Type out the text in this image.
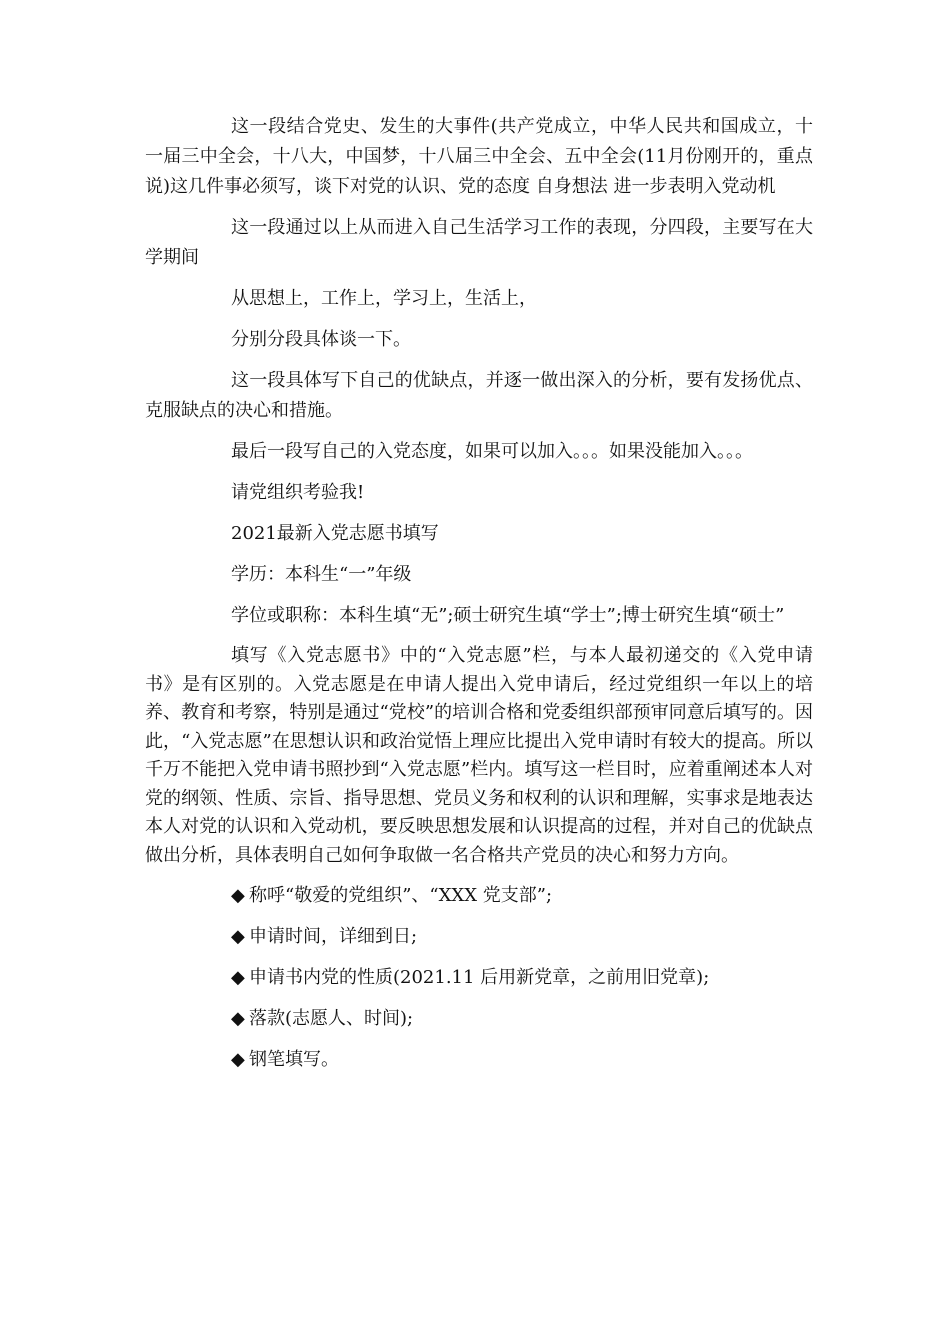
这一段结合党史、发生的大事件(共产党成立，中华人民共和国成立，十一届三中全会，十八大，中国梦，十八届三中全会、五中全会(11月份刚开的，重点说)这几件事必须写，谈下对党的认识、党的态度 自身想法 进一步表明入党动机

这一段通过以上从而进入自己生活学习工作的表现，分四段，主要写在大学期间

从思想上，工作上，学习上，生活上，

分别分段具体谈一下。

这一段具体写下自己的优缺点，并逐一做出深入的分析，要有发扬优点、克服缺点的决心和措施。

最后一段写自己的入党态度，如果可以加入。。。如果没能加入。。。

请党组织考验我!

2021最新入党志愿书填写

学历：本科生“一”年级

学位或职称：本科生填“无”;硕士研究生填“学士”;博士研究生填“硕士”

填写《入党志愿书》中的“入党志愿”栏，与本人最初递交的《入党申请书》是有区别的。入党志愿是在申请人提出入党申请后，经过党组织一年以上的培养、教育和考察，特别是通过“党校”的培训合格和党委组织部预审同意后填写的。因此，“入党志愿”在思想认识和政治觉悟上理应比提出入党申请时有较大的提高。所以千万不能把入党申请书照抄到“入党志愿”栏内。填写这一栏目时，应着重阐述本人对党的纲领、性质、宗旨、指导思想、党员义务和权利的认识和理解，实事求是地表达本人对党的认识和入党动机，要反映思想发展和认识提高的过程，并对自己的优缺点做出分析，具体表明自己如何争取做一名合格共产党员的决心和努力方向。

◆ 称呼“敬爱的党组织”、“XXX 党支部”;
◆ 申请时间，详细到日;
◆ 申请书内党的性质(2021.11 后用新党章，之前用旧党章);
◆ 落款(志愿人、时间);
◆ 钢笔填写。
